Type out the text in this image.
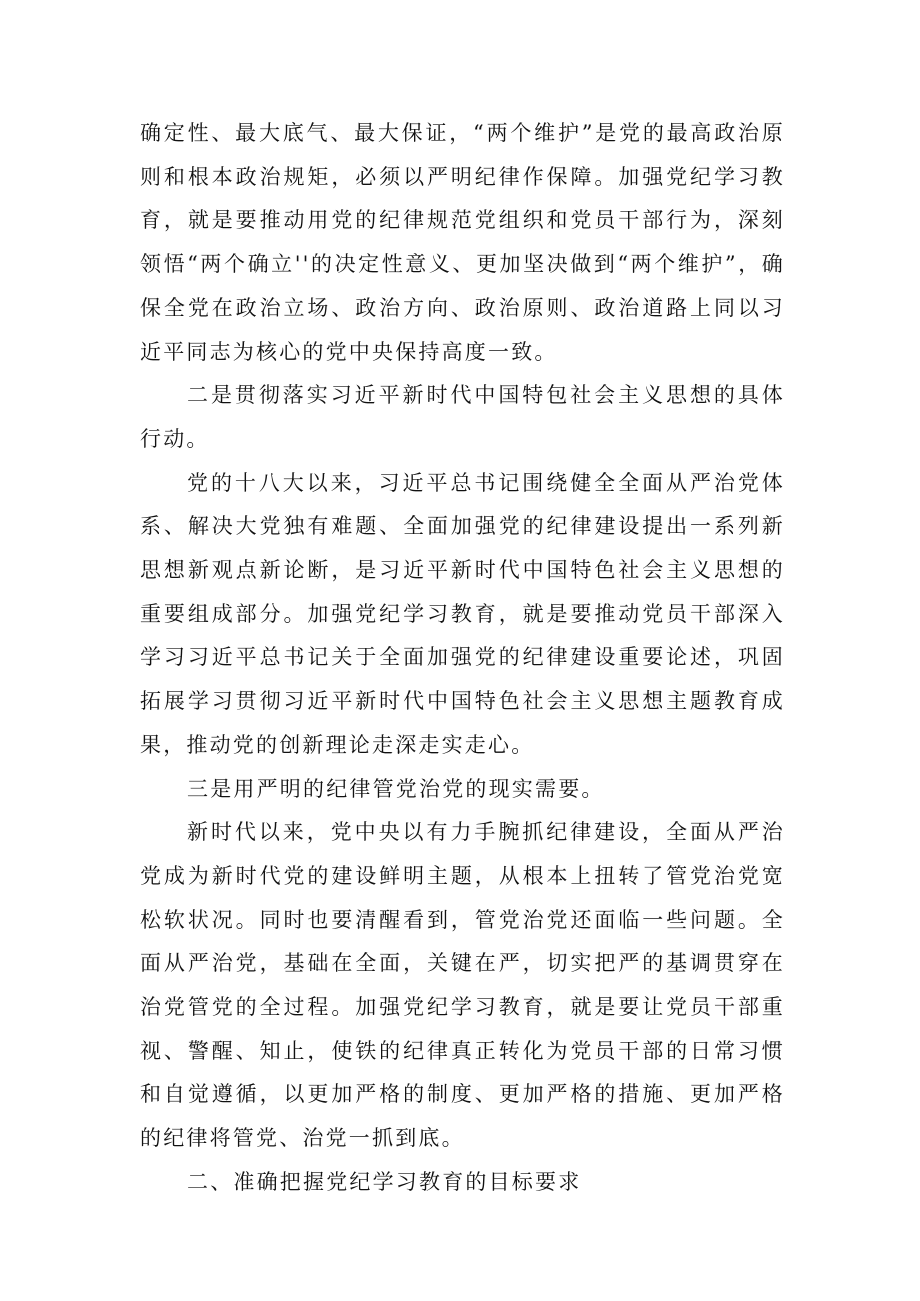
确定性、最大底气、最大保证，“两个维护”是党的最高政治原则和根本政治规矩，必须以严明纪律作保障。加强党纪学习教育，就是要推动用党的纪律规范党组织和党员干部行为，深刻领悟“两个确立''的决定性意义、更加坚决做到“两个维护”，确保全党在政治立场、政治方向、政治原则、政治道路上同以习近平同志为核心的党中央保持高度一致。

二是贯彻落实习近平新时代中国特包社会主义思想的具体行动。

党的十八大以来，习近平总书记围绕健全全面从严治党体系、解决大党独有难题、全面加强党的纪律建设提出一系列新思想新观点新论断，是习近平新时代中国特色社会主义思想的重要组成部分。加强党纪学习教育，就是要推动党员干部深入学习习近平总书记关于全面加强党的纪律建设重要论述，巩固拓展学习贯彻习近平新时代中国特色社会主义思想主题教育成果，推动党的创新理论走深走实走心。

三是用严明的纪律管党治党的现实需要。

新时代以来，党中央以有力手腕抓纪律建设，全面从严治党成为新时代党的建设鲜明主题，从根本上扭转了管党治党宽松软状况。同时也要清醒看到，管党治党还面临一些问题。全面从严治党，基础在全面，关键在严，切实把严的基调贯穿在治党管党的全过程。加强党纪学习教育，就是要让党员干部重视、警醒、知止，使铁的纪律真正转化为党员干部的日常习惯和自觉遵循，以更加严格的制度、更加严格的措施、更加严格的纪律将管党、治党一抓到底。

二、准确把握党纪学习教育的目标要求
